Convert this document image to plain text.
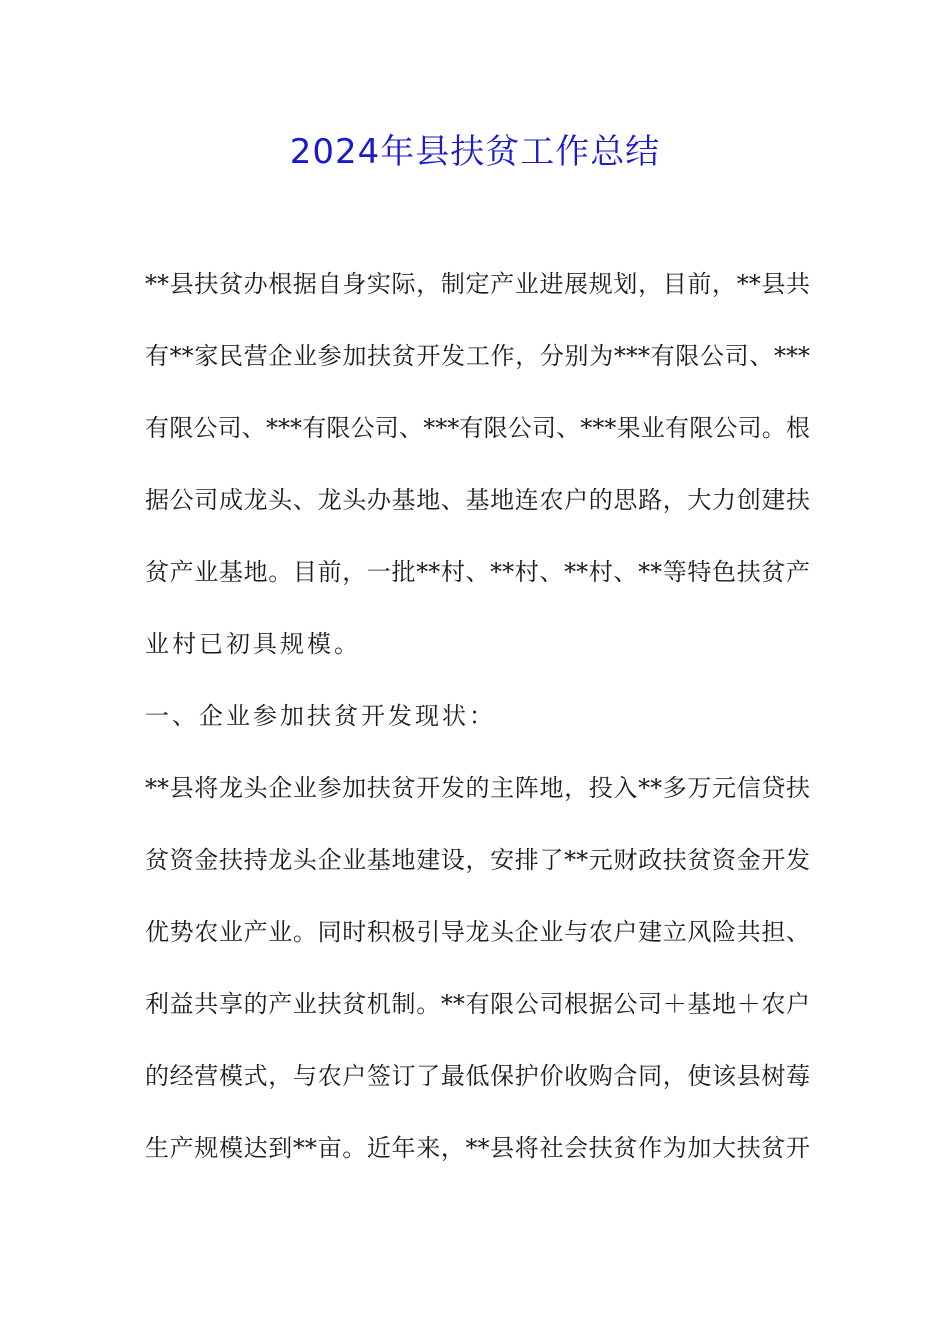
2024年县扶贫工作总结
**县扶贫办根据自身实际，制定产业进展规划，目前，**县共
有**家民营企业参加扶贫开发工作，分别为***有限公司、***
有限公司、***有限公司、***有限公司、***果业有限公司。根
据公司成龙头、龙头办基地、基地连农户的思路，大力创建扶
贫产业基地。目前，一批**村、**村、**村、**等特色扶贫产
业村已初具规模。
一、企业参加扶贫开发现状：
**县将龙头企业参加扶贫开发的主阵地，投入**多万元信贷扶
贫资金扶持龙头企业基地建设，安排了**元财政扶贫资金开发
优势农业产业。同时积极引导龙头企业与农户建立风险共担、
利益共享的产业扶贫机制。**有限公司根据公司＋基地＋农户
的经营模式，与农户签订了最低保护价收购合同，使该县树莓
生产规模达到**亩。近年来，**县将社会扶贫作为加大扶贫开
